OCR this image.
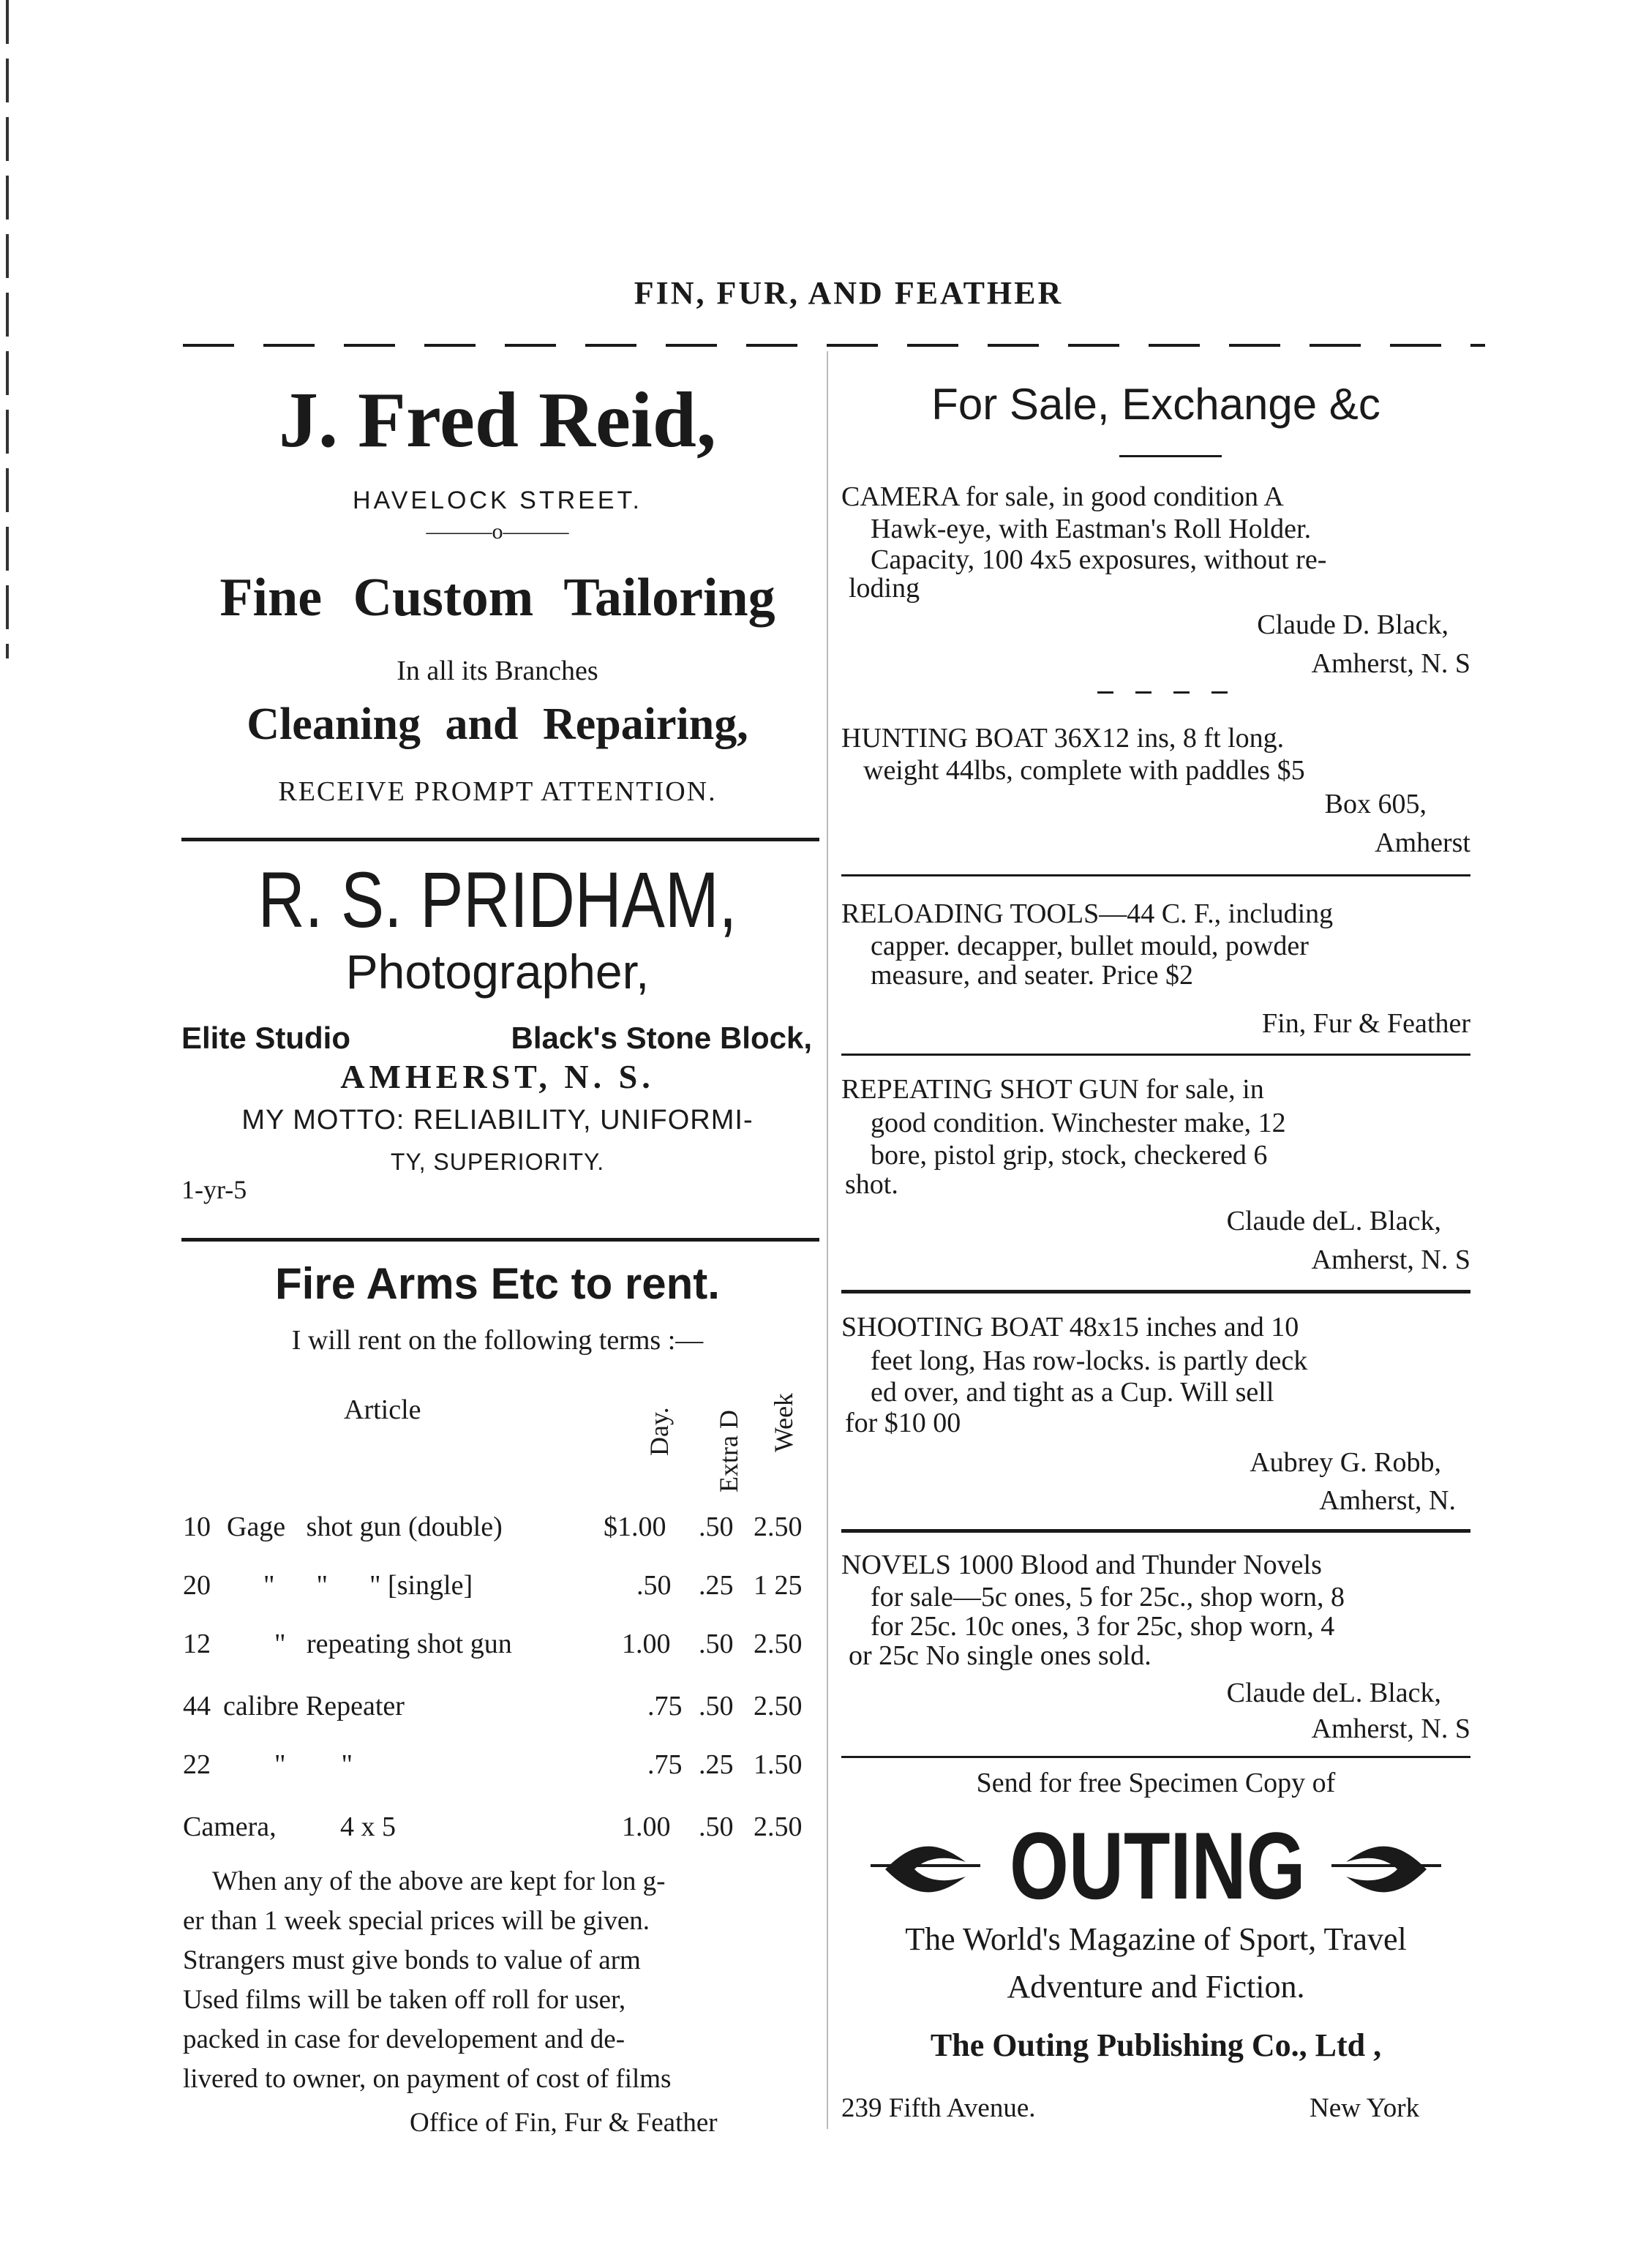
FIN, FUR, AND FEATHER
J. Fred Reid,
HAVELOCK STREET.
———o———
Fine Custom Tailoring
In all its Branches
Cleaning and Repairing,
RECEIVE PROMPT ATTENTION.
R. S. PRIDHAM,
Photographer,
Elite Studio	Black's Stone Block,
AMHERST, N. S.
MY MOTTO: RELIABILITY, UNIFORMI-
TY, SUPERIORITY.
1-yr-5
Fire Arms Etc to rent.
I will rent on the following terms :—
Article	Day. Extra D Week
10 Gage   shot gun (double)	$1.00 .50 2.50
20 "      "      " [single]	.50 .25 1 25
12 "   repeating shot gun	1.00 .50 2.50
44 calibre Repeater	.75 .50 2.50
22 "        "	.75 .25 1.50
Camera, 4 x 5	1.00 .50 2.50
When any of the above are kept for lon g-
er than 1 week special prices will be given.
Strangers must give bonds to value of arm
Used films will be taken off roll for user,
packed in case for developement and de-
livered to owner, on payment of cost of films
Office of Fin, Fur & Feather
For Sale, Exchange &c
CAMERA for sale, in good condition A
Hawk-eye, with Eastman's Roll Holder.
Capacity, 100 4x5 exposures, without re-
loding
Claude D. Black,
Amherst, N. S
HUNTING BOAT 36X12 ins, 8 ft long.
weight 44lbs, complete with paddles $5
Box 605,
Amherst
RELOADING TOOLS—44 C. F., including
capper. decapper, bullet mould, powder
measure, and seater. Price $2
Fin, Fur & Feather
REPEATING SHOT GUN for sale, in
good condition. Winchester make, 12
bore, pistol grip, stock, checkered 6
shot.
Claude deL. Black,
Amherst, N. S
SHOOTING BOAT 48x15 inches and 10
feet long, Has row-locks. is partly deck
ed over, and tight as a Cup. Will sell
for $10 00
Aubrey G. Robb,
Amherst, N.
NOVELS 1000 Blood and Thunder Novels
for sale—5c ones, 5 for 25c., shop worn, 8
for 25c. 10c ones, 3 for 25c, shop worn, 4
or 25c No single ones sold.
Claude deL. Black,
Amherst, N. S
Send for free Specimen Copy of
OUTING
The World's Magazine of Sport, Travel
Adventure and Fiction.
The Outing Publishing Co., Ltd ,
239 Fifth Avenue.	New York
